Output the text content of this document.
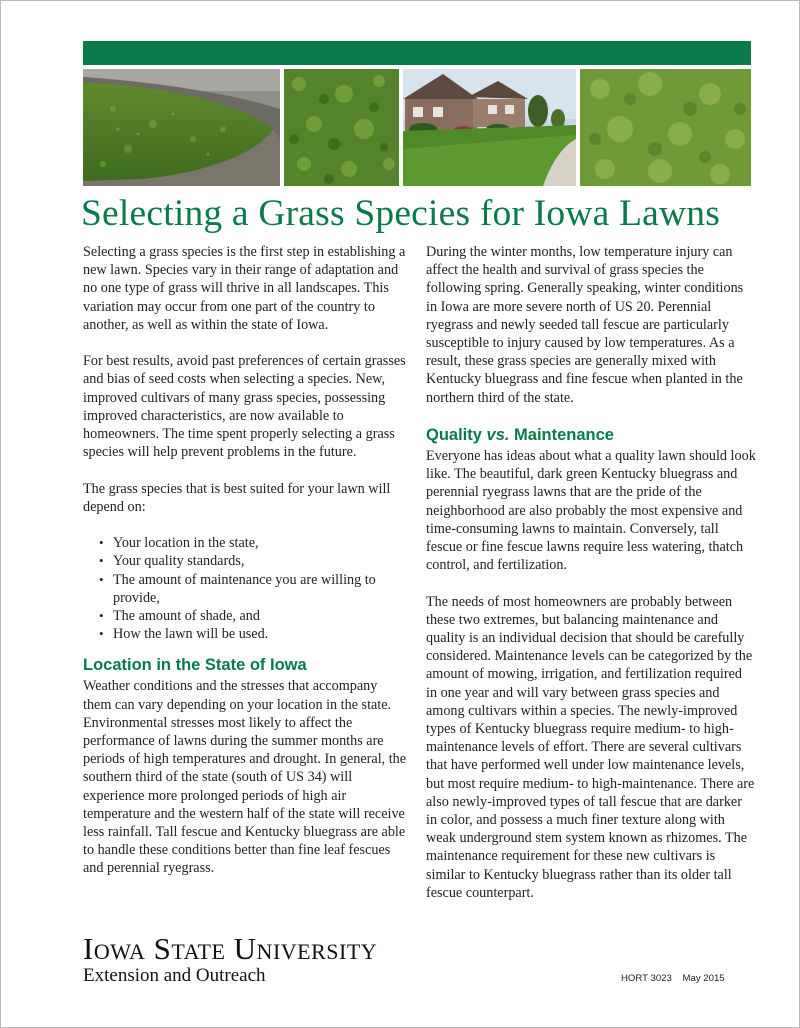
Selecting a Grass Species for Iowa Lawns

Selecting a grass species is the first step in establishing a new lawn. Species vary in their range of adaptation and no one type of grass will thrive in all landscapes. This variation may occur from one part of the country to another, as well as within the state of Iowa.

For best results, avoid past preferences of certain grasses and bias of seed costs when selecting a species. New, improved cultivars of many grass species, possessing improved characteristics, are now available to homeowners. The time spent properly selecting a grass species will help prevent problems in the future.

The grass species that is best suited for your lawn will depend on:

• Your location in the state,
• Your quality standards,
• The amount of maintenance you are willing to provide,
• The amount of shade, and
• How the lawn will be used.
Location in the State of Iowa

Weather conditions and the stresses that accompany them can vary depending on your location in the state. Environmental stresses most likely to affect the performance of lawns during the summer months are periods of high temperatures and drought. In general, the southern third of the state (south of US 34) will experience more prolonged periods of high air temperature and the western half of the state will receive less rainfall. Tall fescue and Kentucky bluegrass are able to handle these conditions better than fine leaf fescues and perennial ryegrass.

During the winter months, low temperature injury can affect the health and survival of grass species the following spring. Generally speaking, winter conditions in Iowa are more severe north of US 20. Perennial ryegrass and newly seeded tall fescue are particularly susceptible to injury caused by low temperatures. As a result, these grass species are generally mixed with Kentucky bluegrass and fine fescue when planted in the northern third of the state.

Quality vs. Maintenance

Everyone has ideas about what a quality lawn should look like. The beautiful, dark green Kentucky bluegrass and perennial ryegrass lawns that are the pride of the neighborhood are also probably the most expensive and time-consuming lawns to maintain. Conversely, tall fescue or fine fescue lawns require less watering, thatch control, and fertilization.

The needs of most homeowners are probably between these two extremes, but balancing maintenance and quality is an individual decision that should be carefully considered. Maintenance levels can be categorized by the amount of mowing, irrigation, and fertilization required in one year and will vary between grass species and among cultivars within a species. The newly-improved types of Kentucky bluegrass require medium- to high-maintenance levels of effort. There are several cultivars that have performed well under low maintenance levels, but most require medium- to high-maintenance. There are also newly-improved types of tall fescue that are darker in color, and possess a much finer texture along with weak underground stem system known as rhizomes. The maintenance requirement for these new cultivars is similar to Kentucky bluegrass rather than its older tall fescue counterpart.

Iowa State University
Extension and Outreach	HORT 3023 May 2015
